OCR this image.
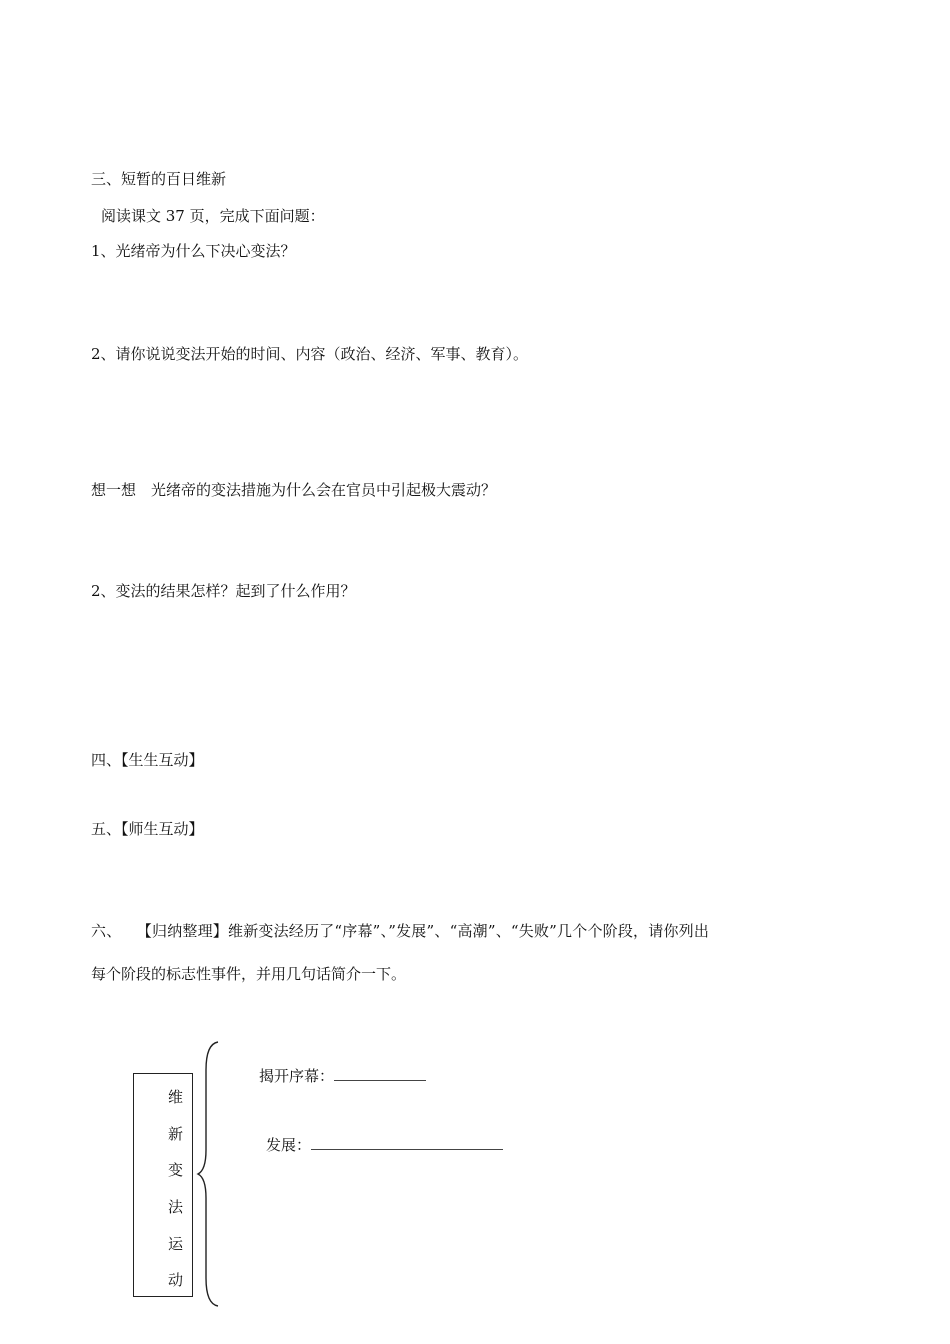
三、短暂的百日维新
阅读课文 37 页，完成下面问题：
1、光绪帝为什么下决心变法？
2、请你说说变法开始的时间、内容（政治、经济、军事、教育）。
想一想　光绪帝的变法措施为什么会在官员中引起极大震动？
2、变法的结果怎样？起到了什么作用？
四、【生生互动】
五、【师生互动】
六、　　【归纳整理】维新变法经历了“序幕”、”发展”、“高潮”、“失败”几个个阶段，请你列出
每个阶段的标志性事件，并用几句话简介一下。
维
新
变
法
运
动
揭开序幕：
发展：
